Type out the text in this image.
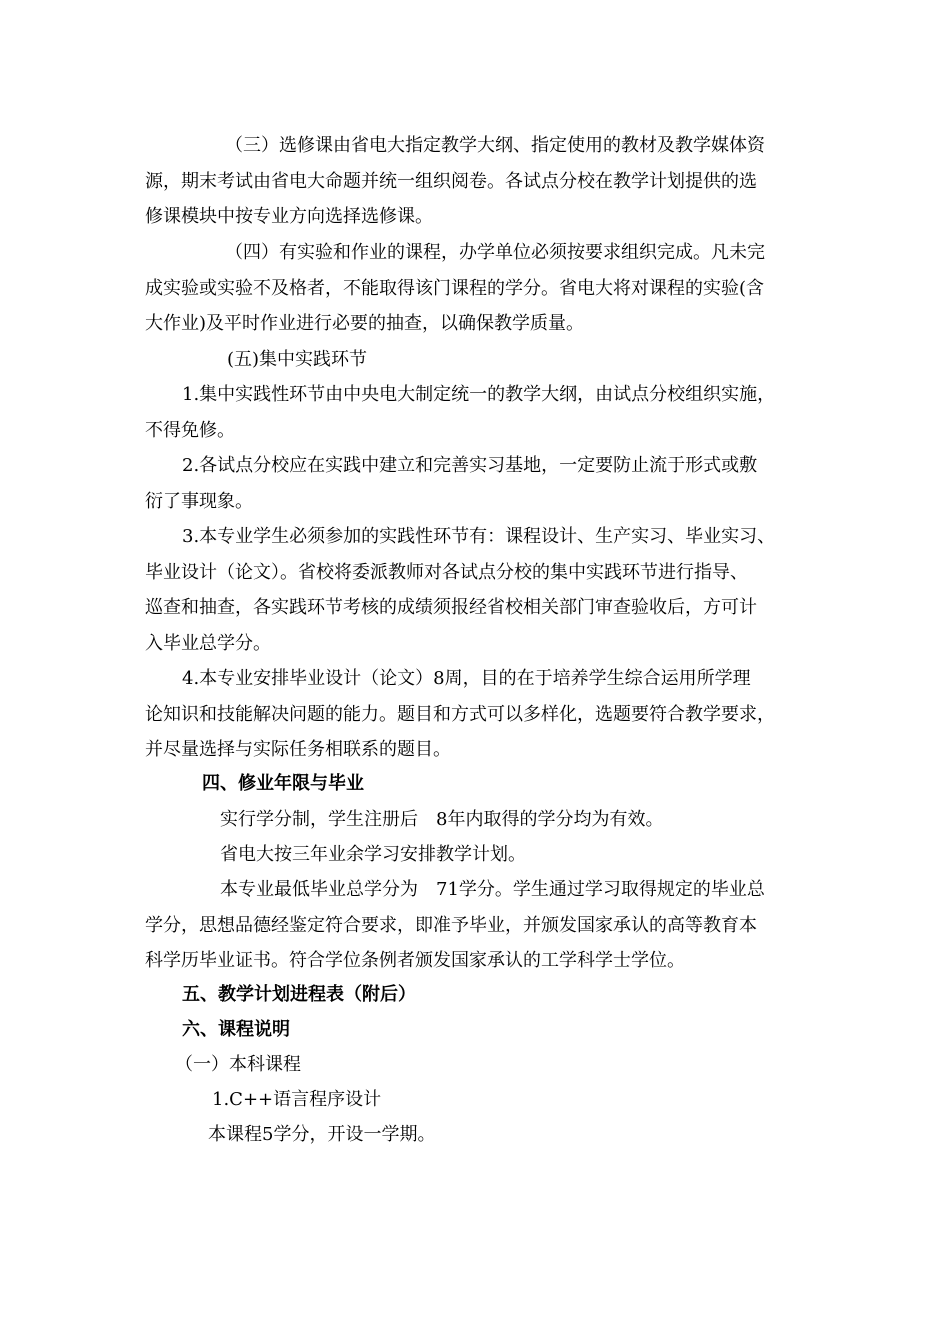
（三）选修课由省电大指定教学大纲、指定使用的教材及教学媒体资
源，期末考试由省电大命题并统一组织阅卷。各试点分校在教学计划提供的选
修课模块中按专业方向选择选修课。
（四）有实验和作业的课程，办学单位必须按要求组织完成。凡未完
成实验或实验不及格者，不能取得该门课程的学分。省电大将对课程的实验(含
大作业)及平时作业进行必要的抽查，以确保教学质量。
(五)集中实践环节
1.集中实践性环节由中央电大制定统一的教学大纲，由试点分校组织实施，
不得免修。
2.各试点分校应在实践中建立和完善实习基地，一定要防止流于形式或敷
衍了事现象。
3.本专业学生必须参加的实践性环节有：课程设计、生产实习、毕业实习、
毕业设计（论文）。省校将委派教师对各试点分校的集中实践环节进行指导、
巡查和抽查，各实践环节考核的成绩须报经省校相关部门审查验收后，方可计
入毕业总学分。
4.本专业安排毕业设计（论文）8周，目的在于培养学生综合运用所学理
论知识和技能解决问题的能力。题目和方式可以多样化，选题要符合教学要求，
并尽量选择与实际任务相联系的题目。
四、修业年限与毕业
实行学分制，学生注册后　8年内取得的学分均为有效。
省电大按三年业余学习安排教学计划。
本专业最低毕业总学分为　71学分。学生通过学习取得规定的毕业总
学分，思想品德经鉴定符合要求，即准予毕业，并颁发国家承认的高等教育本
科学历毕业证书。符合学位条例者颁发国家承认的工学科学士学位。
五、教学计划进程表（附后）
六、课程说明
（一）本科课程
1.C++语言程序设计
本课程5学分，开设一学期。
